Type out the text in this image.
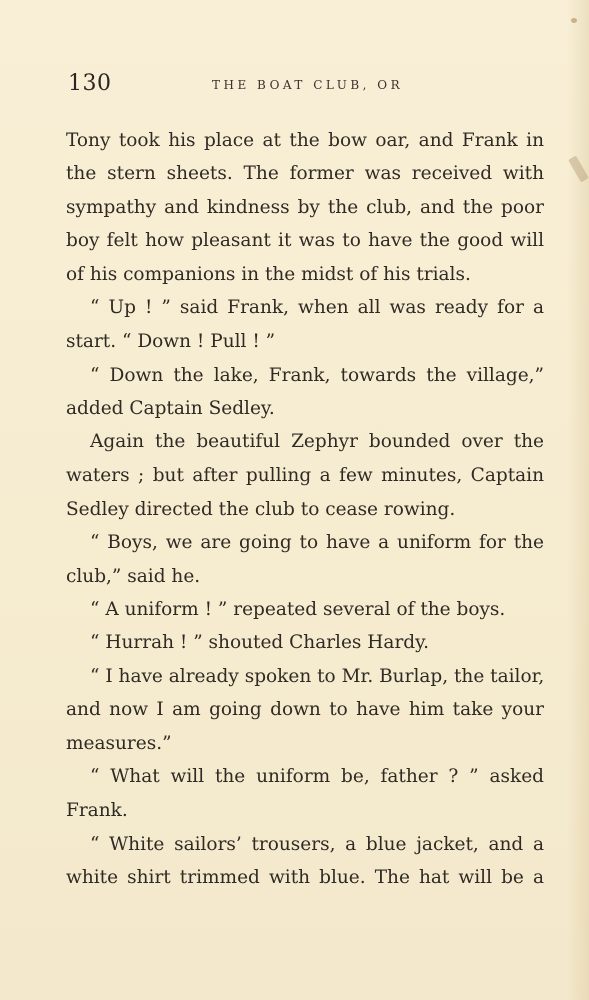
130	THE BOAT CLUB, OR
Tony took his place at the bow oar, and Frank in
the stern sheets. The former was received with
sympathy and kindness by the club, and the poor
boy felt how pleasant it was to have the good will
of his companions in the midst of his trials.
“ Up ! ” said Frank, when all was ready for a
start. “ Down ! Pull ! ”
“ Down the lake, Frank, towards the village,”
added Captain Sedley.
Again the beautiful Zephyr bounded over the
waters ; but after pulling a few minutes, Captain
Sedley directed the club to cease rowing.
“ Boys, we are going to have a uniform for the
club,” said he.
“ A uniform ! ” repeated several of the boys.
“ Hurrah ! ” shouted Charles Hardy.
“ I have already spoken to Mr. Burlap, the tailor,
and now I am going down to have him take your
measures.”
“ What will the uniform be, father ? ” asked
Frank.
“ White sailors’ trousers, a blue jacket, and a
white shirt trimmed with blue. The hat will be a
